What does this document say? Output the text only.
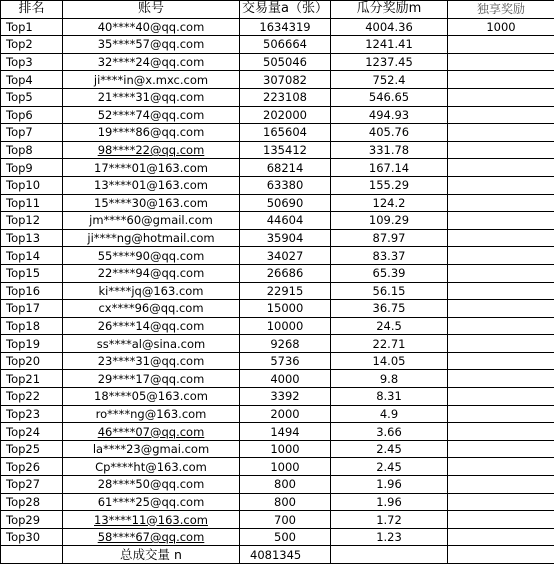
排名	账号	交易量a（张）	瓜分奖励m	独享奖励
Top1	40****40@qq.com	1634319	4004.36	1000
Top2	35****57@qq.com	506664	1241.41	
Top3	32****24@qq.com	505046	1237.45	
Top4	ji****in@x.mxc.com	307082	752.4	
Top5	21****31@qq.com	223108	546.65	
Top6	52****74@qq.com	202000	494.93	
Top7	19****86@qq.com	165604	405.76	
Top8	98****22@qq.com	135412	331.78	
Top9	17****01@163.com	68214	167.14	
Top10	13****01@163.com	63380	155.29	
Top11	15****30@163.com	50690	124.2	
Top12	jm****60@gmail.com	44604	109.29	
Top13	ji****ng@hotmail.com	35904	87.97	
Top14	55****90@qq.com	34027	83.37	
Top15	22****94@qq.com	26686	65.39	
Top16	ki****jq@163.com	22915	56.15	
Top17	cx****96@qq.com	15000	36.75	
Top18	26****14@qq.com	10000	24.5	
Top19	ss****al@sina.com	9268	22.71	
Top20	23****31@qq.com	5736	14.05	
Top21	29****17@qq.com	4000	9.8	
Top22	18****05@163.com	3392	8.31	
Top23	ro****ng@163.com	2000	4.9	
Top24	46****07@qq.com	1494	3.66	
Top25	la****23@gmai.com	1000	2.45	
Top26	Cp****ht@163.com	1000	2.45	
Top27	28****50@qq.com	800	1.96	
Top28	61****25@qq.com	800	1.96	
Top29	13****11@163.com	700	1.72	
Top30	58****67@qq.com	500	1.23	
	总成交量 n	4081345		
